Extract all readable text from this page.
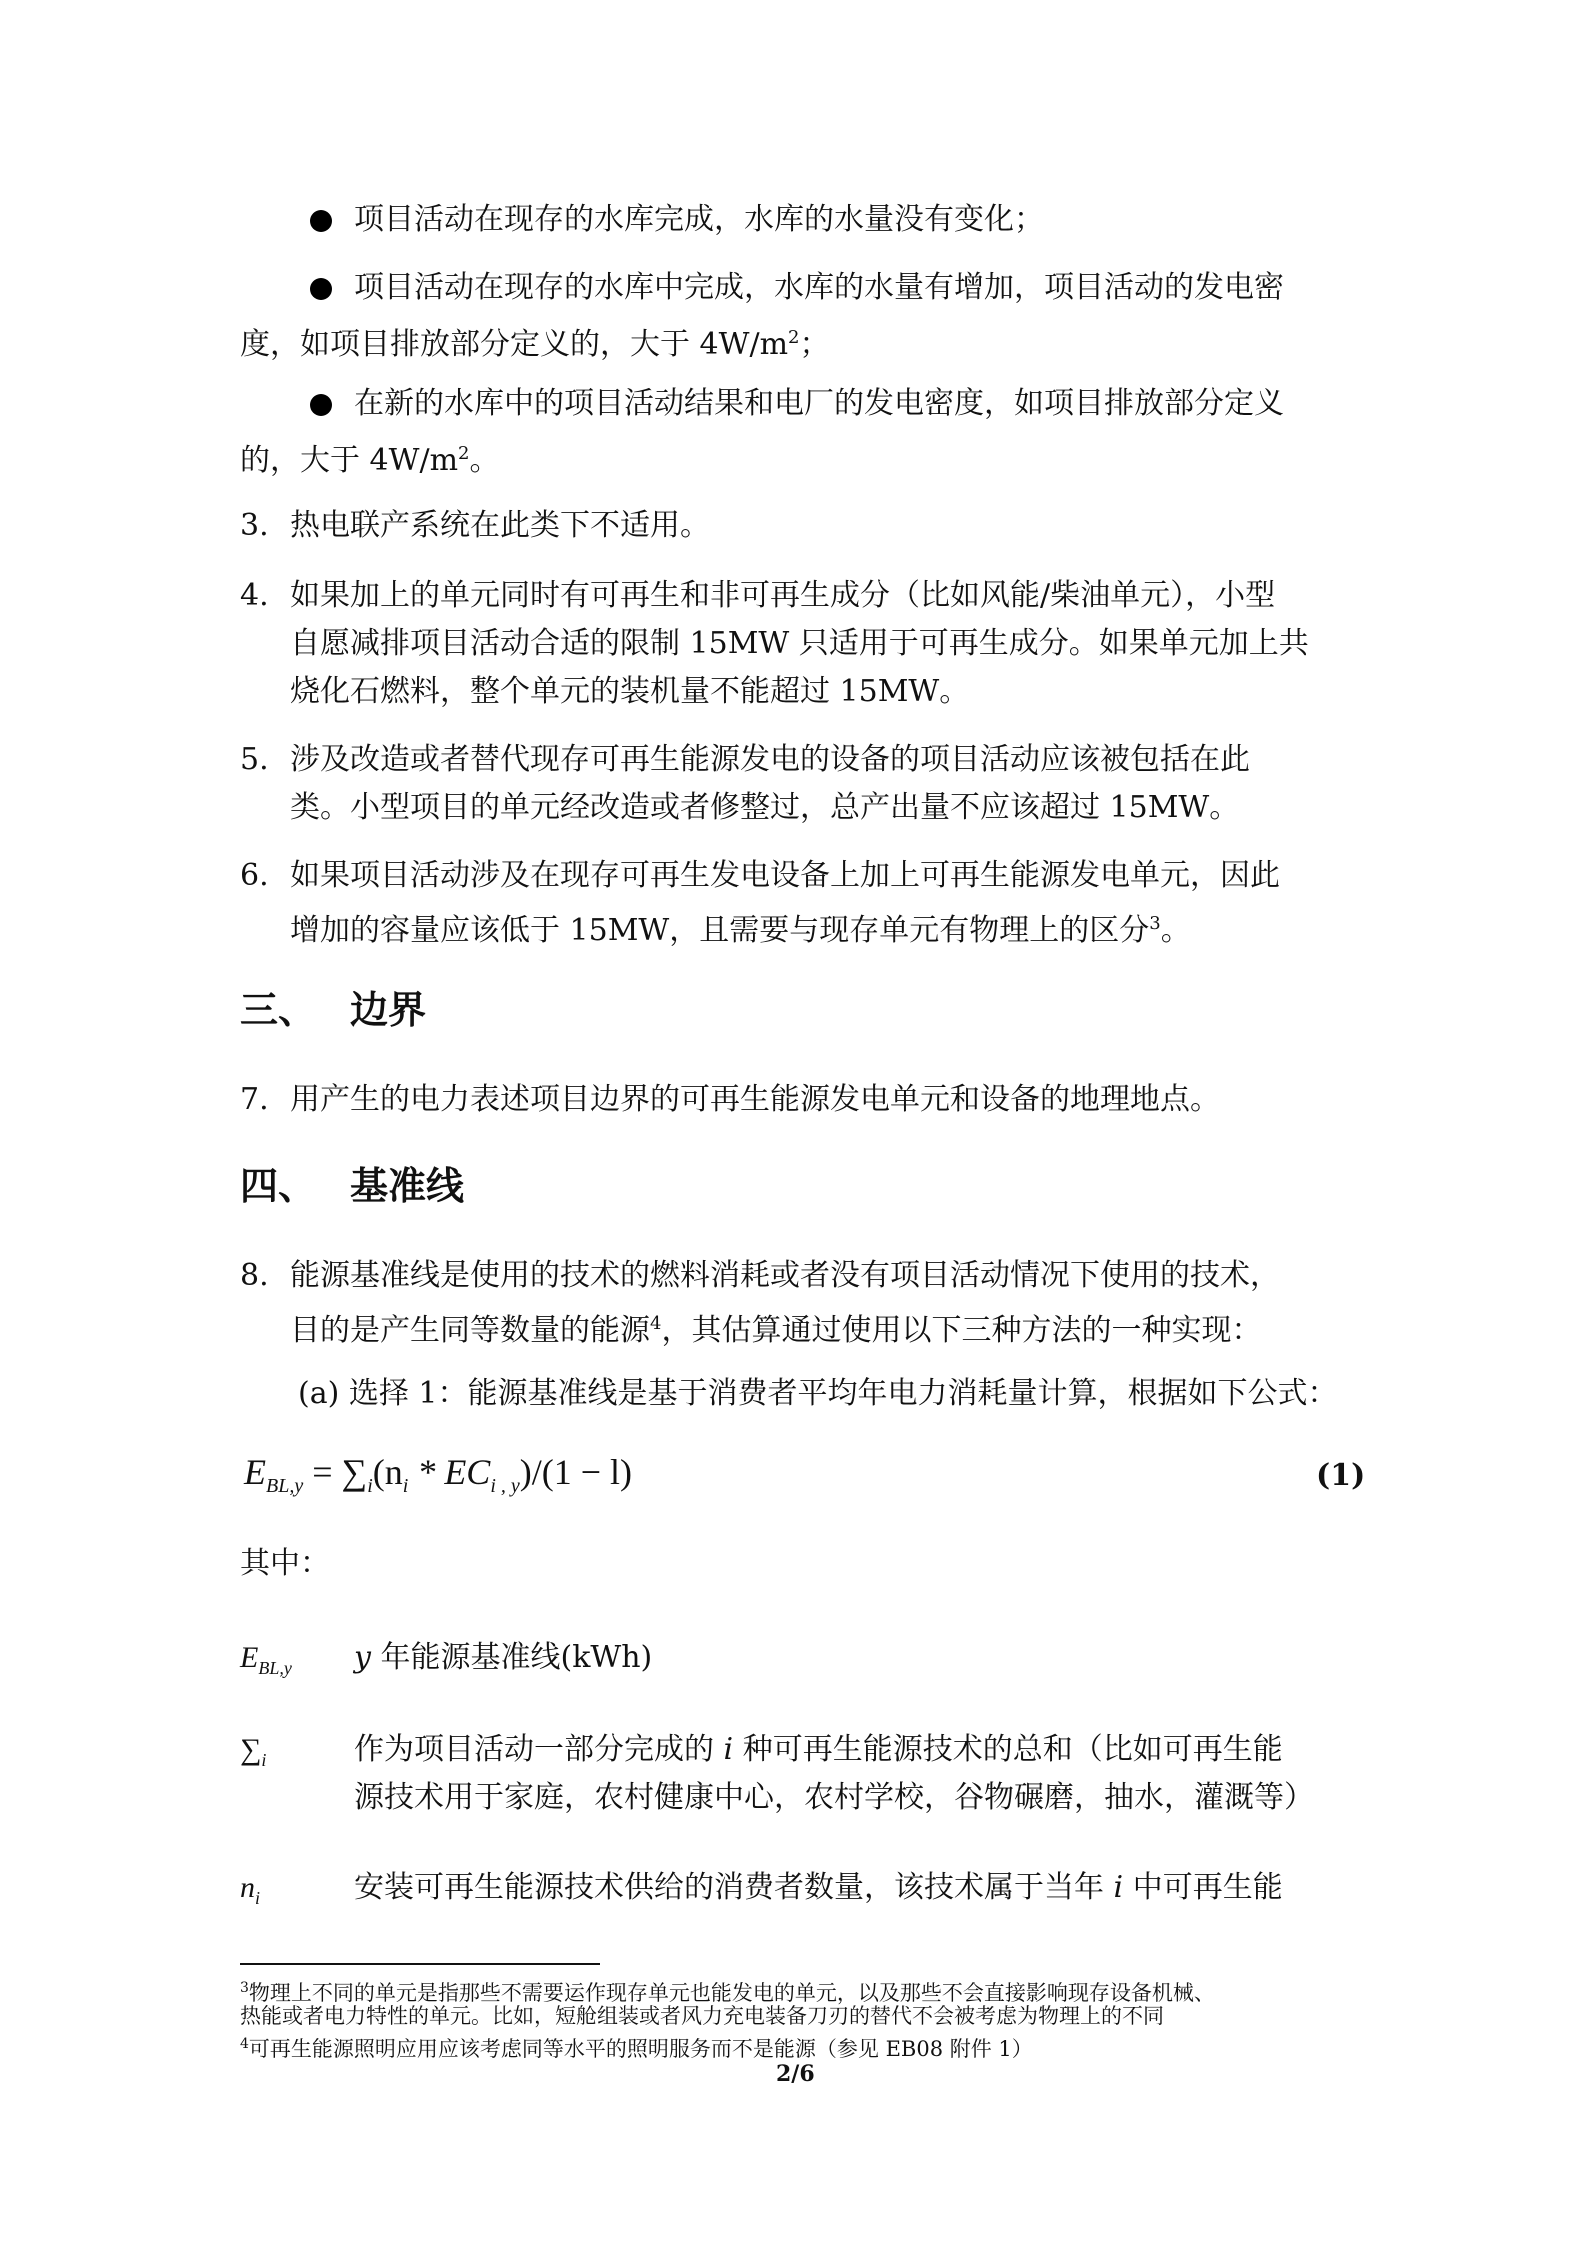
项目活动在现存的水库完成，水库的水量没有变化；
项目活动在现存的水库中完成，水库的水量有增加，项目活动的发电密
度，如项目排放部分定义的，大于 $4W/m^2$；
在新的水库中的项目活动结果和电厂的发电密度，如项目排放部分定义
的，大于 $4W/m^2$。
3. 热电联产系统在此类下不适用。
4. 如果加上的单元同时有可再生和非可再生成分（比如风能/柴油单元），小型
自愿减排项目活动合适的限制 15MW 只适用于可再生成分。如果单元加上共
烧化石燃料，整个单元的装机量不能超过 15MW。
5. 涉及改造或者替代现存可再生能源发电的设备的项目活动应该被包括在此
类。小型项目的单元经改造或者修整过，总产出量不应该超过 15MW。
6. 如果项目活动涉及在现存可再生发电设备上加上可再生能源发电单元，因此
增加的容量应该低于 15MW，且需要与现存单元有物理上的区分$^3$。
三、 边界
7. 用产生的电力表述项目边界的可再生能源发电单元和设备的地理地点。
四、 基准线
8. 能源基准线是使用的技术的燃料消耗或者没有项目活动情况下使用的技术，
目的是产生同等数量的能源$^4$，其估算通过使用以下三种方法的一种实现：
(a) 选择 1：能源基准线是基于消费者平均年电力消耗量计算，根据如下公式：
$E_{BL,y} = \sum_i(n_i * EC_{i , y})/(1 - l)$	(1)
其中：
$E_{BL,y}$ y 年能源基准线(kWh)
$\sum_i$	作为项目活动一部分完成的 i 种可再生能源技术的总和（比如可再生能
源技术用于家庭，农村健康中心，农村学校，谷物碾磨，抽水，灌溉等）
$n_i$	安装可再生能源技术供给的消费者数量，该技术属于当年 i 中可再生能
$^3$物理上不同的单元是指那些不需要运作现存单元也能发电的单元，以及那些不会直接影响现存设备机械、
热能或者电力特性的单元。比如，短舱组装或者风力充电装备刀刃的替代不会被考虑为物理上的不同
$^4$可再生能源照明应用应该考虑同等水平的照明服务而不是能源（参见 EB08 附件 1）
2/6
